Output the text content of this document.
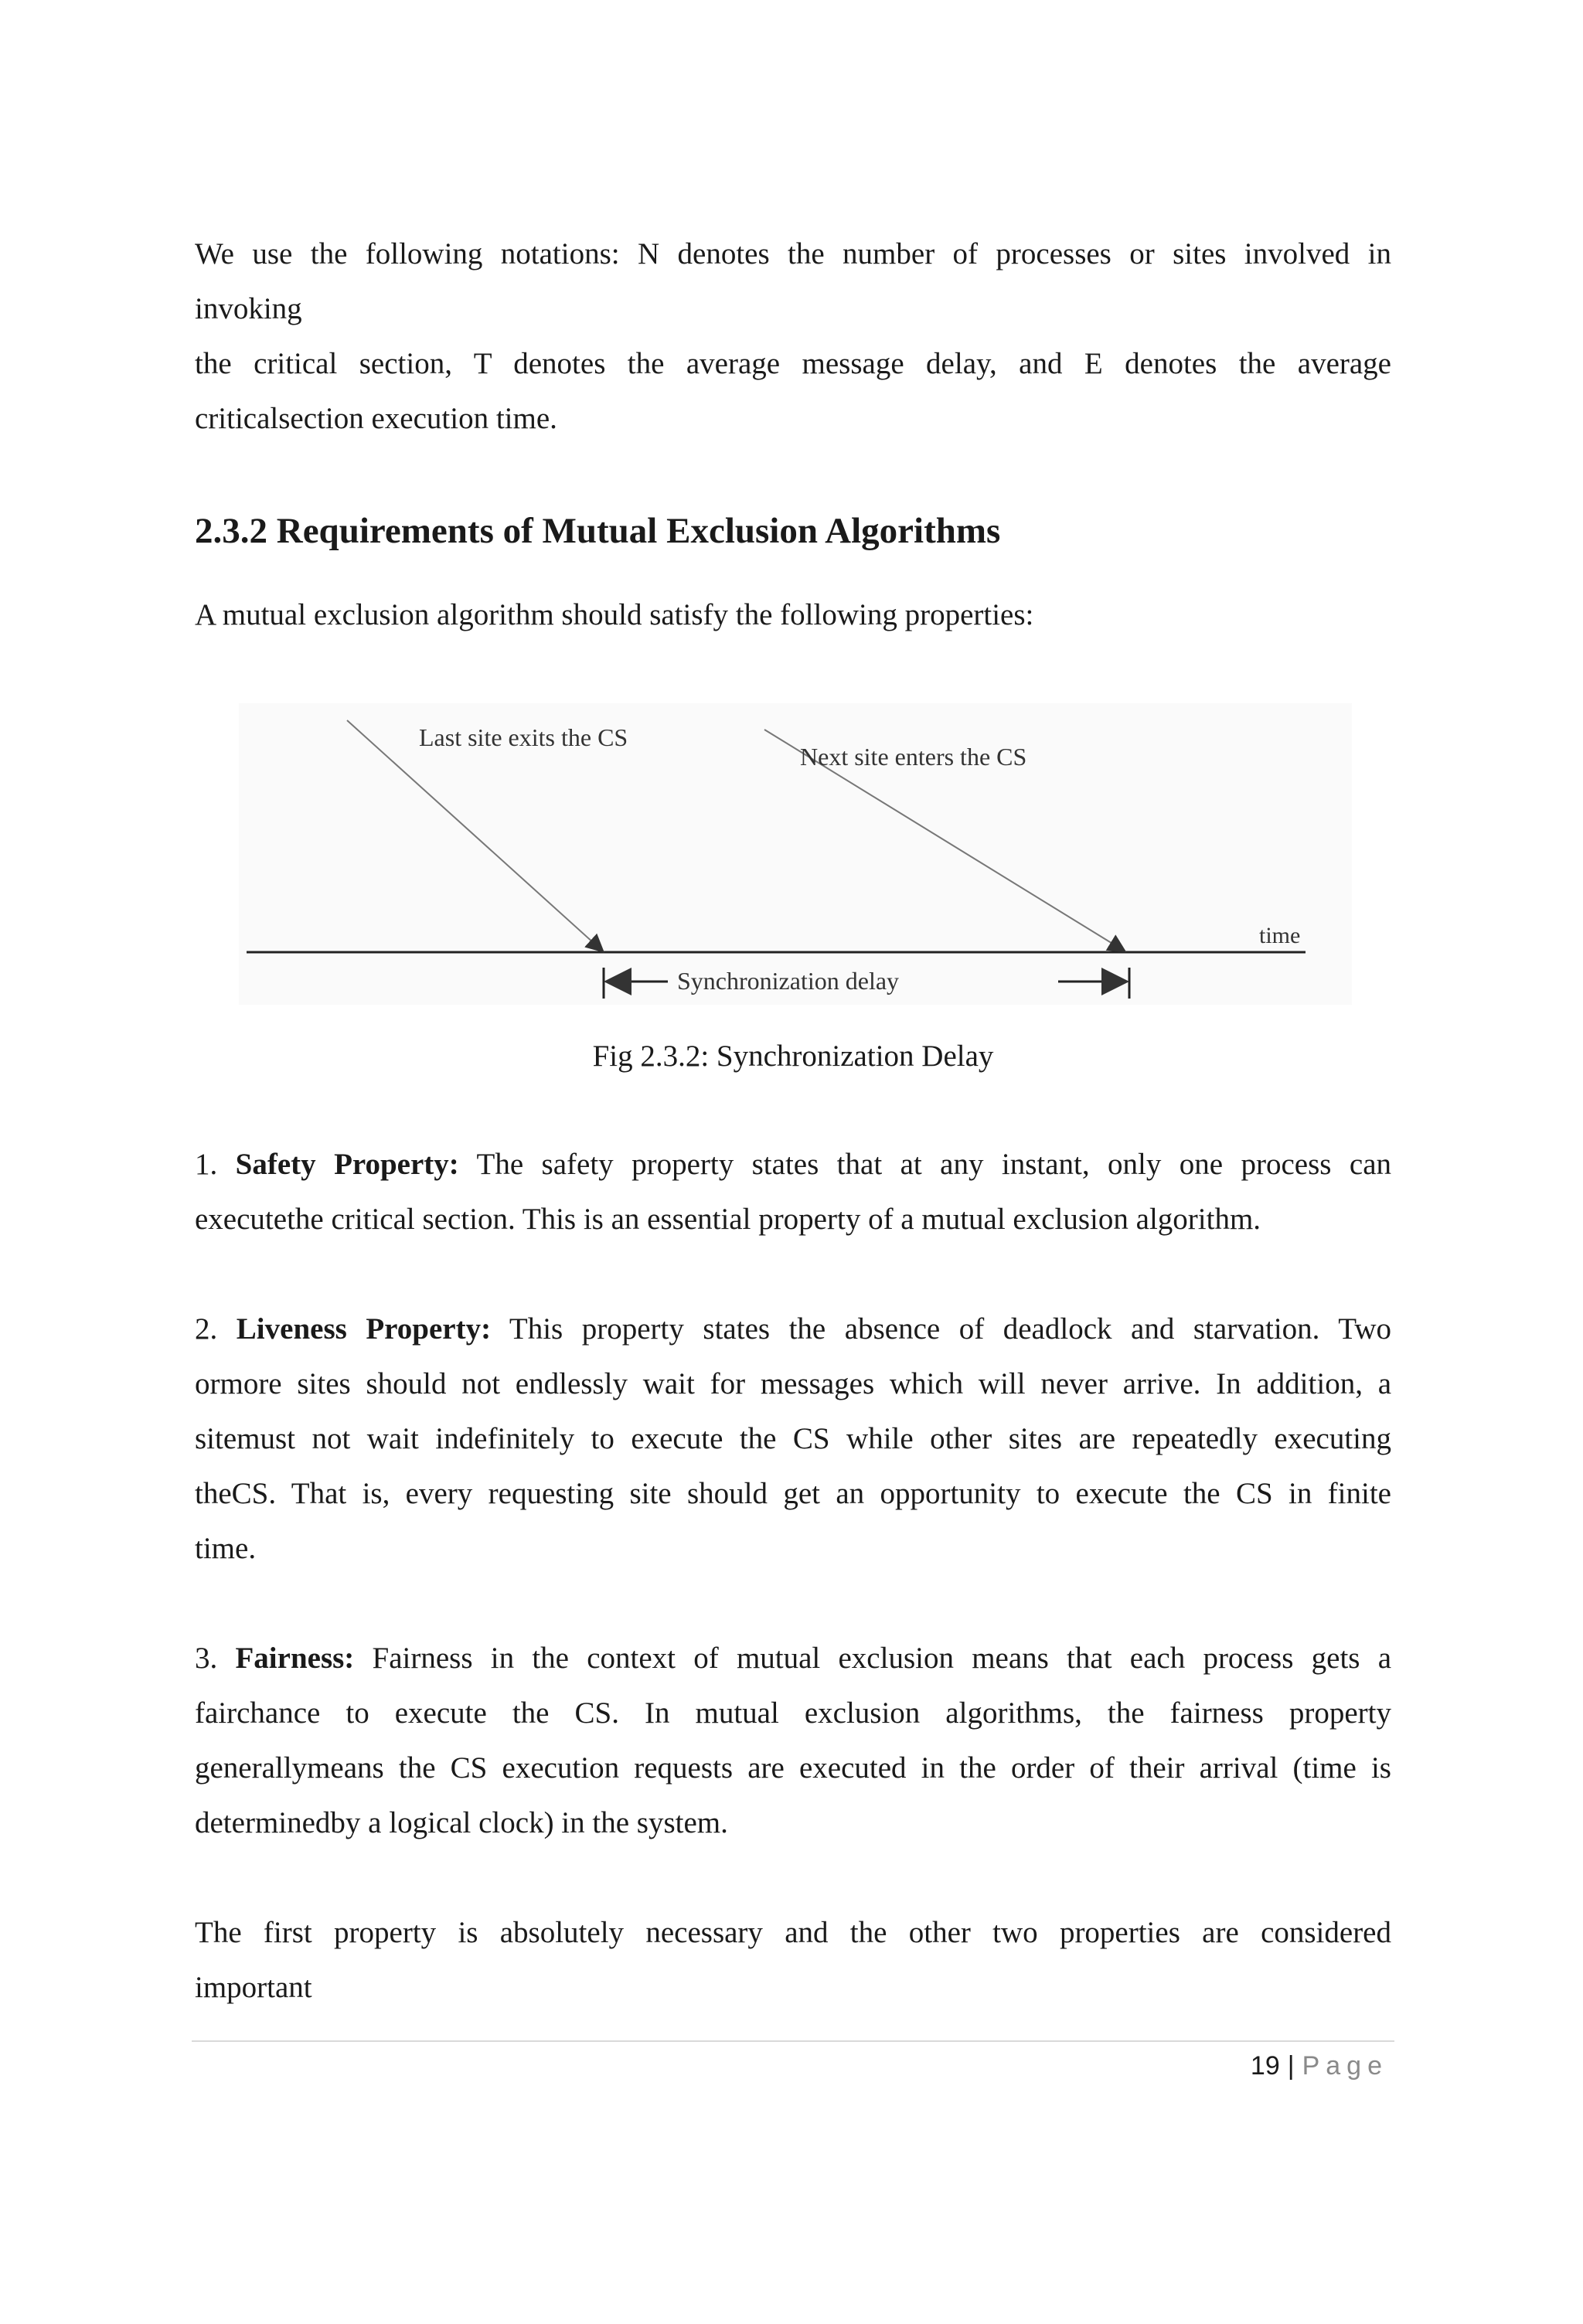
We use the following notations: N denotes the number of processes or sites involved in
invoking
the critical section, T denotes the average message delay, and E denotes the average
criticalsection execution time.

2.3.2 Requirements of Mutual Exclusion Algorithms

A mutual exclusion algorithm should satisfy the following properties:

Last site exits the CS
Next site enters the CS
time
Synchronization delay

Fig 2.3.2: Synchronization Delay

1. Safety Property: The safety property states that at any instant, only one process can
executethe critical section. This is an essential property of a mutual exclusion algorithm.

2. Liveness Property: This property states the absence of deadlock and starvation. Two
ormore sites should not endlessly wait for messages which will never arrive. In addition, a
sitemust not wait indefinitely to execute the CS while other sites are repeatedly executing
theCS. That is, every requesting site should get an opportunity to execute the CS in finite
time.

3. Fairness: Fairness in the context of mutual exclusion means that each process gets a
fairchance to execute the CS. In mutual exclusion algorithms, the fairness property
generallymeans the CS execution requests are executed in the order of their arrival (time is
determinedby a logical clock) in the system.

The first property is absolutely necessary and the other two properties are considered
important

19 | Page
